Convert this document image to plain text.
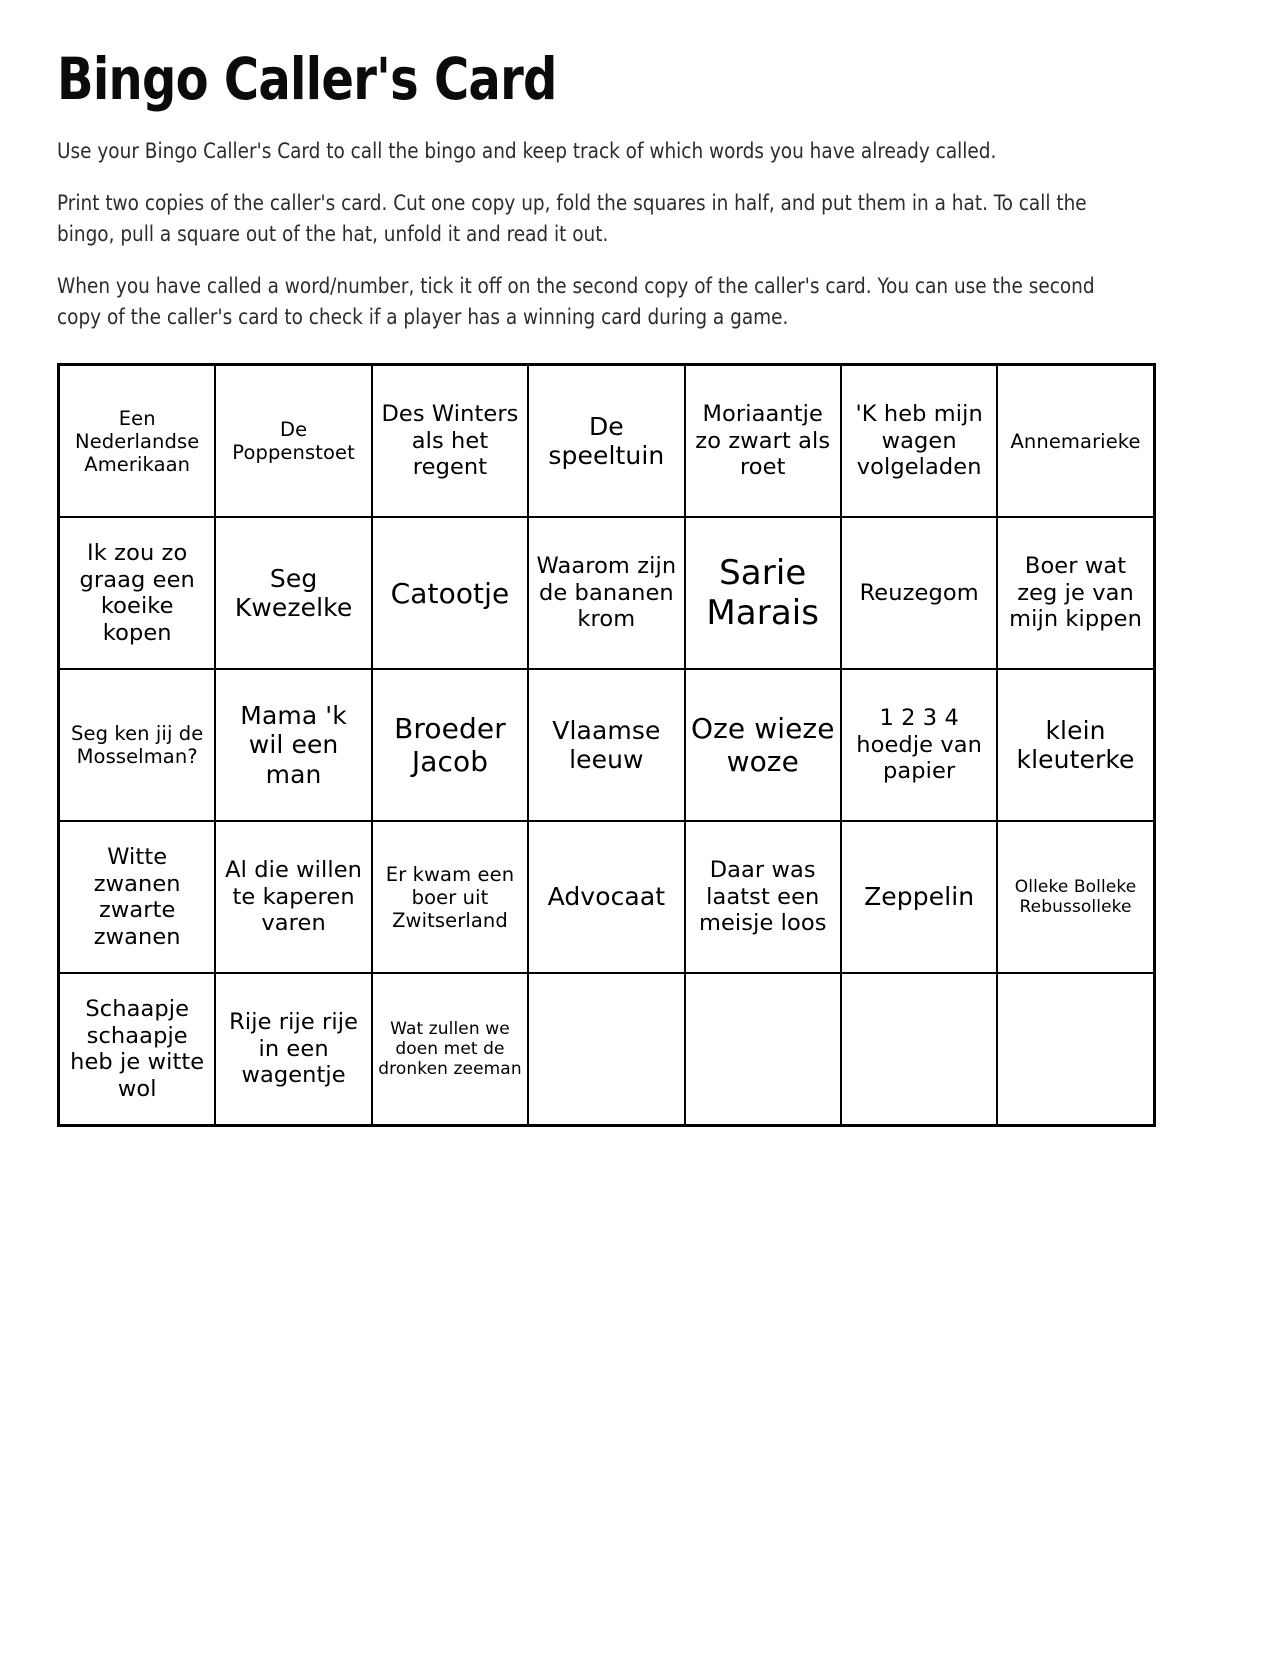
Bingo Caller's Card

Use your Bingo Caller's Card to call the bingo and keep track of which words you have already called.

Print two copies of the caller's card. Cut one copy up, fold the squares in half, and put them in a hat. To call the bingo, pull a square out of the hat, unfold it and read it out.

When you have called a word/number, tick it off on the second copy of the caller's card. You can use the second copy of the caller's card to check if a player has a winning card during a game.

Een Nederlandse Amerikaan	De Poppenstoet	Des Winters als het regent	De speeltuin	Moriaantje zo zwart als roet	'K heb mijn wagen volgeladen	Annemarieke

Ik zou zo graag een koeike kopen	Seg Kwezelke	Catootje	Waarom zijn de bananen krom	Sarie Marais	Reuzegom	Boer wat zeg je van mijn kippen

Seg ken jij de Mosselman?	Mama 'k wil een man	Broeder Jacob	Vlaamse leeuw	Oze wieze woze	1 2 3 4 hoedje van papier	klein kleuterke

Witte zwanen zwarte zwanen	Al die willen te kaperen varen	Er kwam een boer uit Zwitserland	Advocaat	Daar was laatst een meisje loos	Zeppelin	Olleke Bolleke Rebussolleke

Schaapje schaapje heb je witte wol	Rije rije rije in een wagentje	Wat zullen we doen met de dronken zeeman				
